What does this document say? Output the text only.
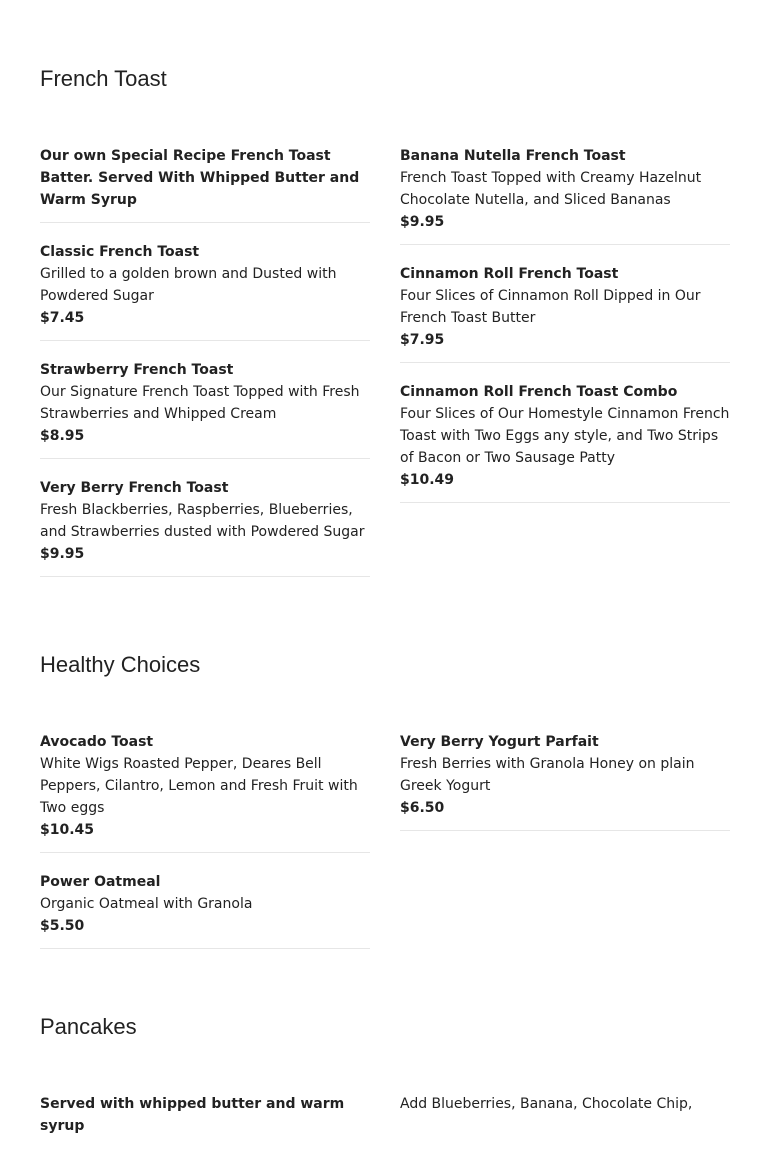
French Toast
Our own Special Recipe French Toast Batter. Served With Whipped Butter and Warm Syrup
Classic French Toast
Grilled to a golden brown and Dusted with Powdered Sugar
$7.45
Strawberry French Toast
Our Signature French Toast Topped with Fresh Strawberries and Whipped Cream
$8.95
Very Berry French Toast
Fresh Blackberries, Raspberries, Blueberries, and Strawberries dusted with Powdered Sugar
$9.95
Banana Nutella French Toast
French Toast Topped with Creamy Hazelnut Chocolate Nutella, and Sliced Bananas
$9.95
Cinnamon Roll French Toast
Four Slices of Cinnamon Roll Dipped in Our French Toast Butter
$7.95
Cinnamon Roll French Toast Combo
Four Slices of Our Homestyle Cinnamon French Toast with Two Eggs any style, and Two Strips of Bacon or Two Sausage Patty
$10.49
Healthy Choices
Avocado Toast
White Wigs Roasted Pepper, Deares Bell Peppers, Cilantro, Lemon and Fresh Fruit with Two eggs
$10.45
Power Oatmeal
Organic Oatmeal with Granola
$5.50
Very Berry Yogurt Parfait
Fresh Berries with Granola Honey on plain Greek Yogurt
$6.50
Pancakes
Served with whipped butter and warm syrup
Add Blueberries, Banana, Chocolate Chip,
